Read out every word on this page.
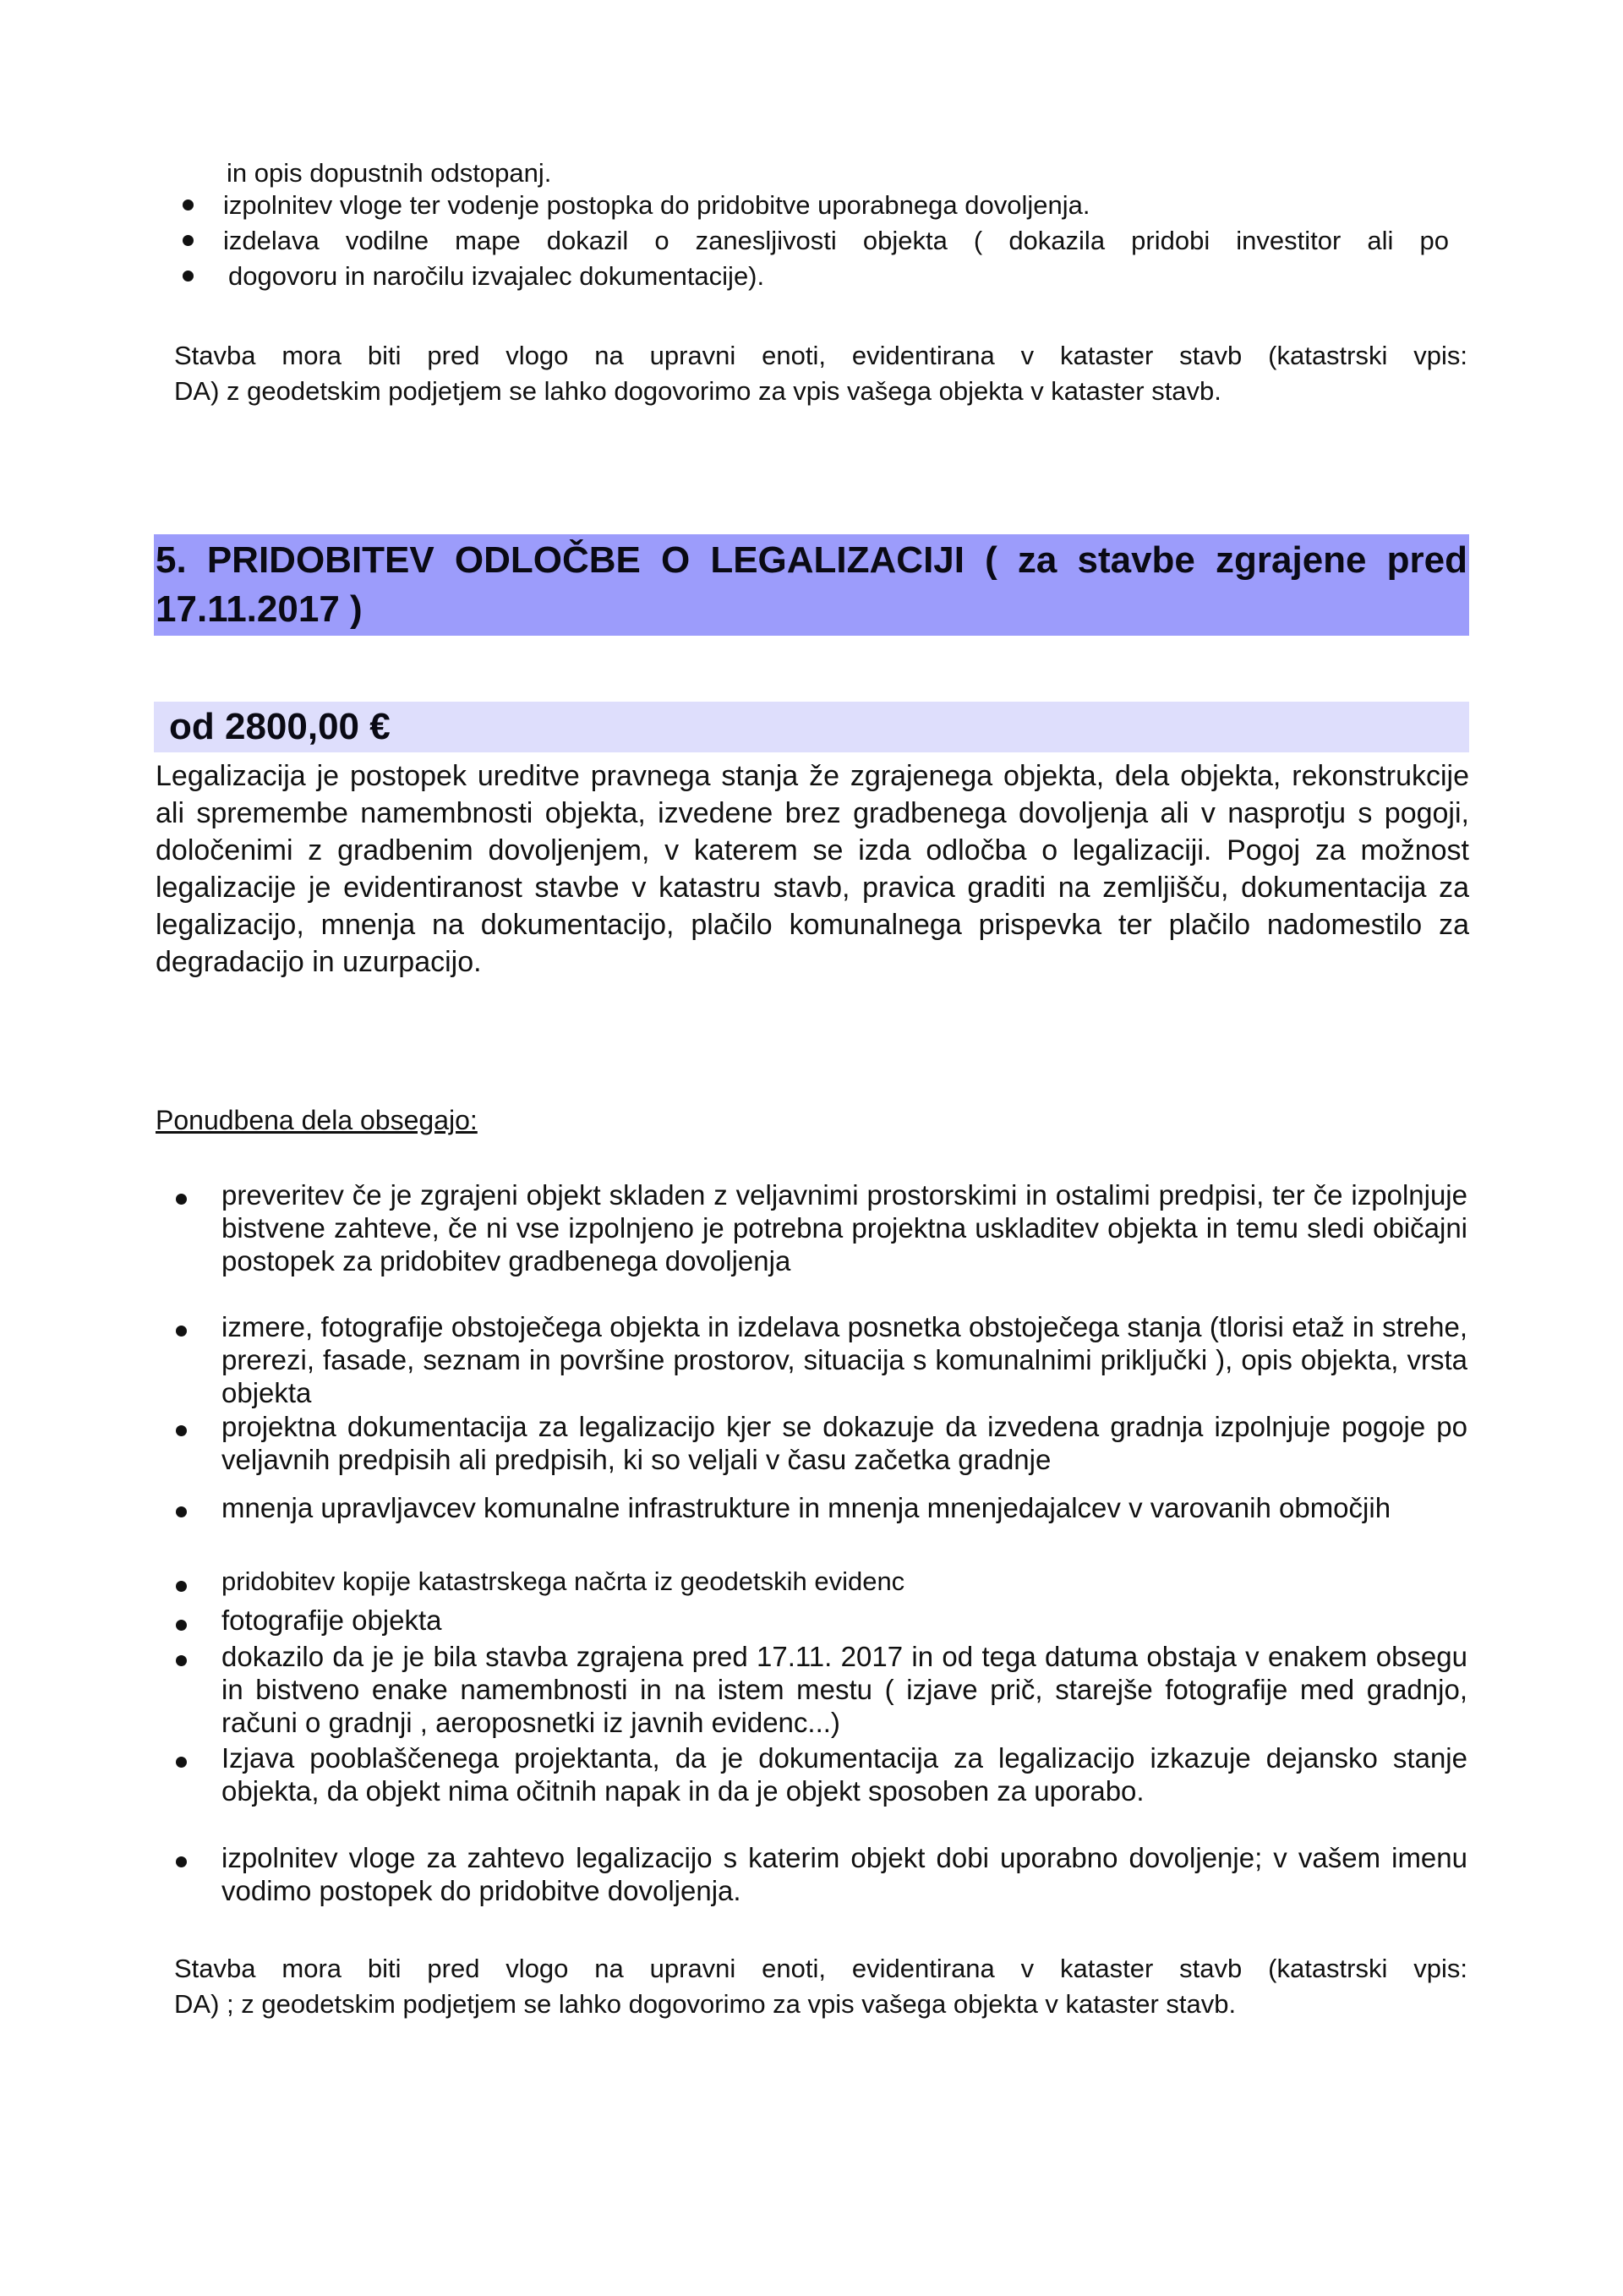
in opis dopustnih odstopanj.
izpolnitev vloge ter vodenje postopka do pridobitve uporabnega dovoljenja.
izdelava vodilne mape dokazil o zanesljivosti objekta ( dokazila pridobi investitor ali po
dogovoru in naročilu izvajalec dokumentacije).
Stavba mora biti pred vlogo na upravni enoti, evidentirana v kataster stavb (katastrski vpis:
DA) z geodetskim podjetjem se lahko dogovorimo za vpis vašega objekta v kataster stavb.
5. PRIDOBITEV ODLOČBE O LEGALIZACIJI ( za stavbe zgrajene pred 17.11.2017 )
od 2800,00 €
Legalizacija je postopek ureditve pravnega stanja že zgrajenega objekta, dela objekta, rekonstrukcije ali spremembe namembnosti objekta, izvedene brez gradbenega dovoljenja ali v nasprotju s pogoji, določenimi z gradbenim dovoljenjem, v katerem se izda odločba o legalizaciji. Pogoj za možnost legalizacije je evidentiranost stavbe v katastru stavb, pravica graditi na zemljišču, dokumentacija za legalizacijo, mnenja na dokumentacijo, plačilo komunalnega prispevka ter plačilo nadomestilo za degradacijo in uzurpacijo.
Ponudbena dela obsegajo:
preveritev če je zgrajeni objekt skladen z veljavnimi prostorskimi in ostalimi predpisi, ter če izpolnjuje bistvene zahteve, če ni vse izpolnjeno je potrebna projektna uskladitev objekta in temu sledi običajni postopek za pridobitev gradbenega dovoljenja
izmere, fotografije obstoječega objekta in izdelava posnetka obstoječega stanja (tlorisi etaž in strehe, prerezi, fasade, seznam in površine prostorov, situacija s komunalnimi priključki ), opis objekta, vrsta objekta
projektna dokumentacija za legalizacijo kjer se dokazuje da izvedena gradnja izpolnjuje pogoje po veljavnih predpisih ali predpisih, ki so veljali v času začetka gradnje
mnenja upravljavcev komunalne infrastrukture in mnenja mnenjedajalcev v varovanih območjih
pridobitev kopije katastrskega načrta iz geodetskih evidenc
fotografije objekta
dokazilo da je je bila stavba zgrajena pred 17.11. 2017 in od tega datuma obstaja v enakem obsegu in bistveno enake namembnosti in na istem mestu ( izjave prič, starejše fotografije med gradnjo, računi o gradnji , aeroposnetki iz javnih evidenc...)
Izjava pooblaščenega projektanta, da je dokumentacija za legalizacijo izkazuje dejansko stanje objekta, da objekt nima očitnih napak in da je objekt sposoben za uporabo.
izpolnitev vloge za zahtevo legalizacijo s katerim objekt dobi uporabno dovoljenje; v vašem imenu vodimo postopek do pridobitve dovoljenja.
Stavba mora biti pred vlogo na upravni enoti, evidentirana v kataster stavb (katastrski vpis:
DA) ; z geodetskim podjetjem se lahko dogovorimo za vpis vašega objekta v kataster stavb.
